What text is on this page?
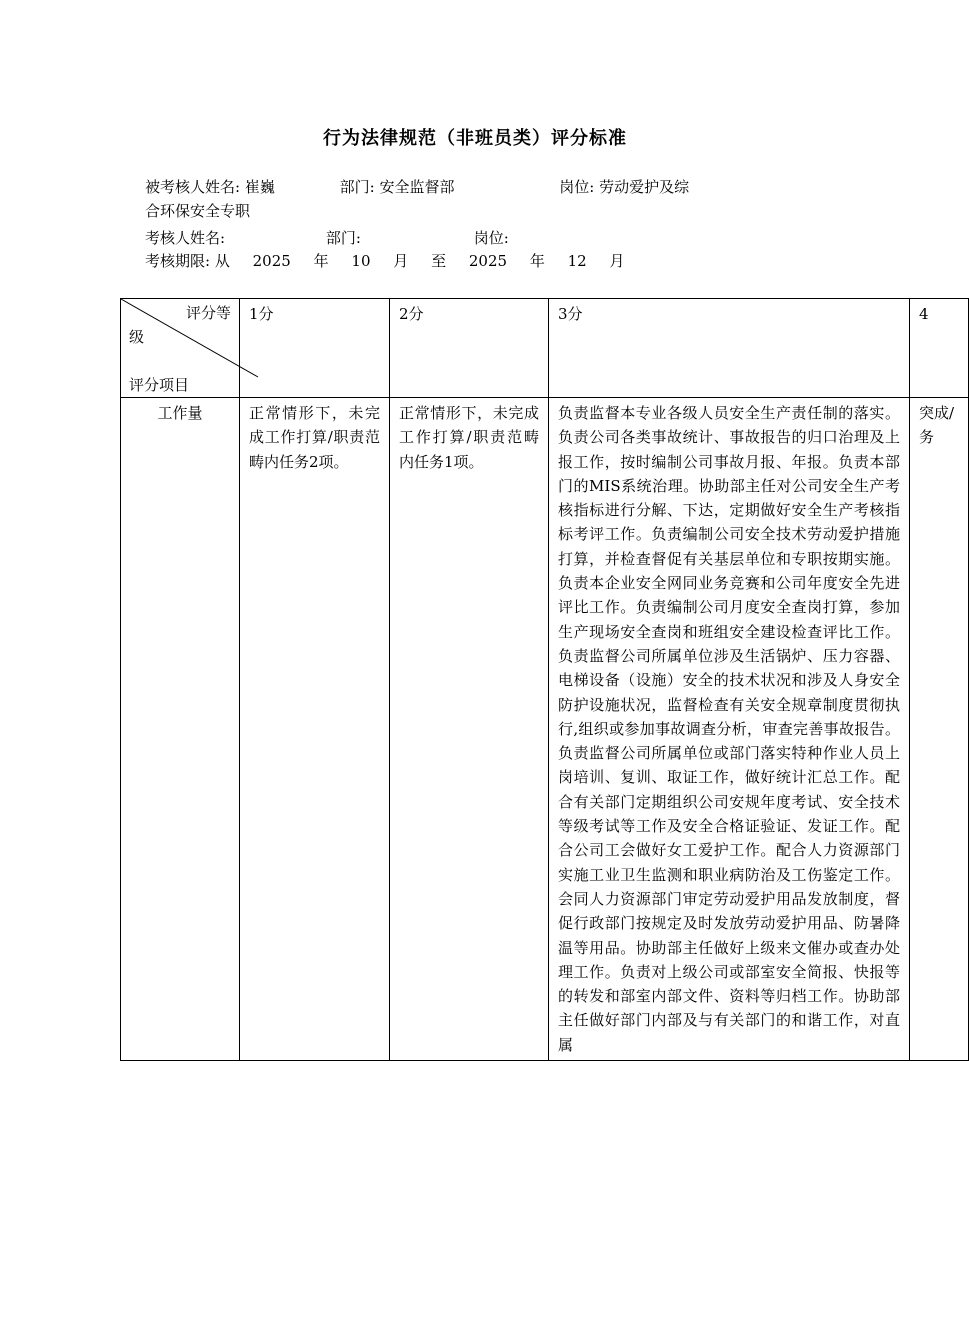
行为法律规范（非班员类）评分标准
被考核人姓名: 崔巍	部门: 安全监督部	岗位: 劳动爱护及综
合环保安全专职
考核人姓名:	部门:	岗位:
考核期限: 从 2025 年 10 月 至 2025 年 12 月
评分等
级
评分项目	1分	2分	3分	4
工作量	正常情形下，未完成工作打算/职责范畴内任务2项。	正常情形下，未完成工作打算/职责范畴内任务1项。	负责监督本专业各级人员安全生产责任制的落实。负责公司各类事故统计、事故报告的归口治理及上报工作，按时编制公司事故月报、年报。负责本部门的MIS系统治理。协助部主任对公司安全生产考核指标进行分解、下达，定期做好安全生产考核指标考评工作。负责编制公司安全技术劳动爱护措施打算，并检查督促有关基层单位和专职按期实施。负责本企业安全网同业务竞赛和公司年度安全先进评比工作。负责编制公司月度安全查岗打算，参加生产现场安全查岗和班组安全建设检查评比工作。负责监督公司所属单位涉及生活锅炉、压力容器、电梯设备（设施）安全的技术状况和涉及人身安全防护设施状况，监督检查有关安全规章制度贯彻执行,组织或参加事故调查分析，审查完善事故报告。负责监督公司所属单位或部门落实特种作业人员上岗培训、复训、取证工作，做好统计汇总工作。配合有关部门定期组织公司安规年度考试、安全技术等级考试等工作及安全合格证验证、发证工作。配合公司工会做好女工爱护工作。配合人力资源部门实施工业卫生监测和职业病防治及工伤鉴定工作。会同人力资源部门审定劳动爱护用品发放制度，督促行政部门按规定及时发放劳动爱护用品、防暑降温等用品。协助部主任做好上级来文催办或查办处理工作。负责对上级公司或部室安全简报、快报等的转发和部室内部文件、资料等归档工作。协助部主任做好部门内部及与有关部门的和谐工作，对直属	突成/务
